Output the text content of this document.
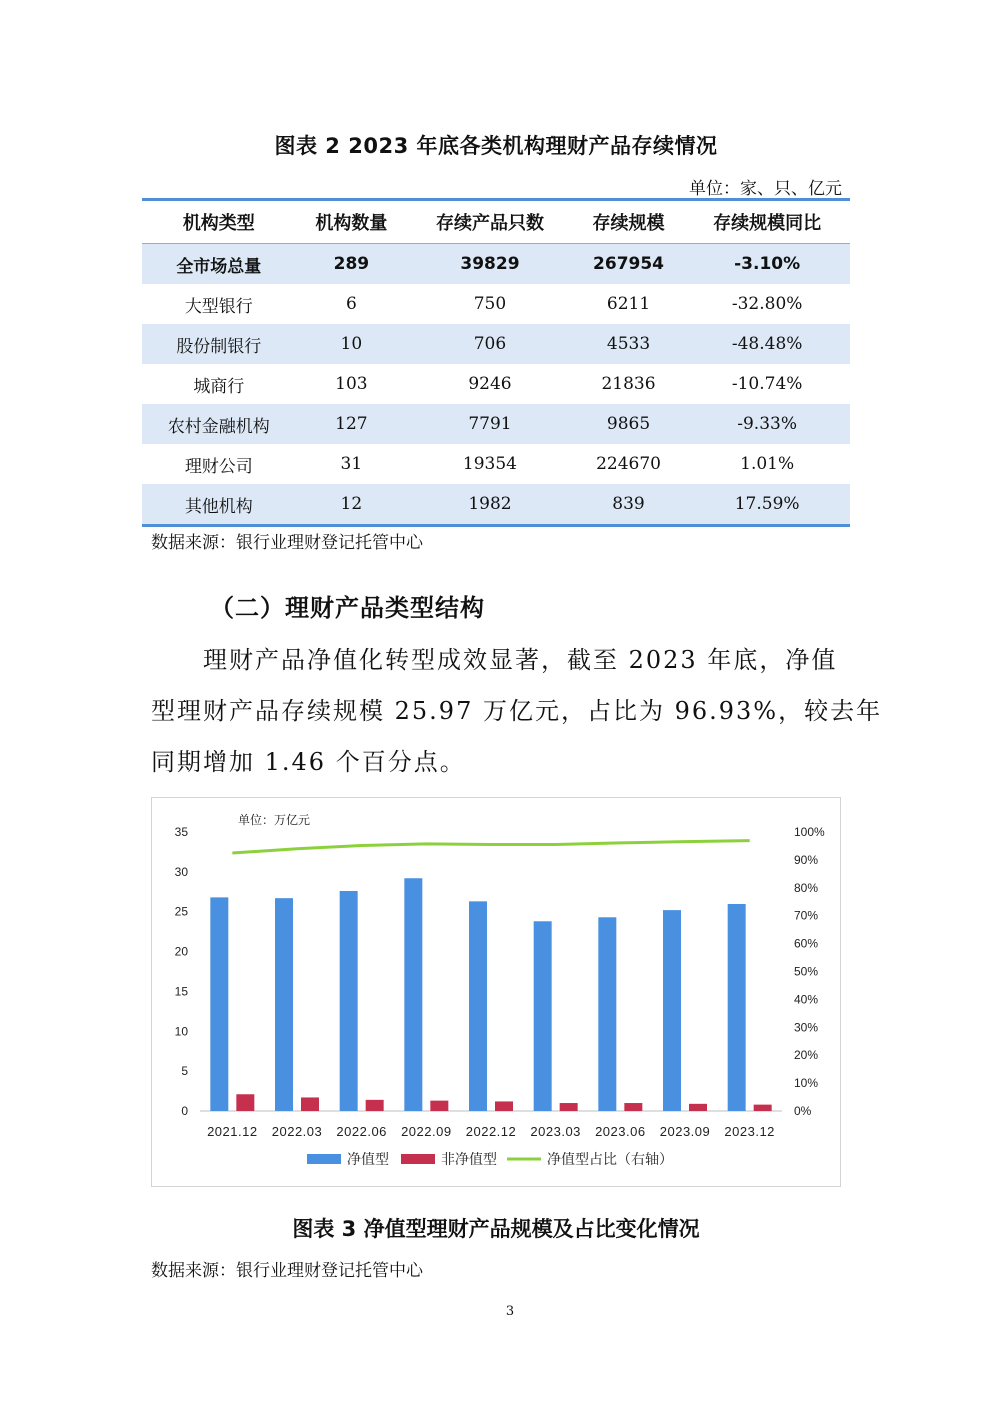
图表 2 2023 年底各类机构理财产品存续情况
单位：家、只、亿元
机构类型	机构数量	存续产品只数	存续规模	存续规模同比
全市场总量	289	39829	267954	-3.10%
大型银行	6	750	6211	-32.80%
股份制银行	10	706	4533	-48.48%
城商行	103	9246	21836	-10.74%
农村金融机构	127	7791	9865	-9.33%
理财公司	31	19354	224670	1.01%
其他机构	12	1982	839	17.59%
数据来源：银行业理财登记托管中心
（二）理财产品类型结构
理财产品净值化转型成效显著，截至 2023 年底，净值
型理财产品存续规模 25.97 万亿元，占比为 96.93%，较去年
同期增加 1.46 个百分点。
单位：万亿元
0
5
10
15
20
25
30
35
0%
10%
20%
30%
40%
50%
60%
70%
80%
90%
100%
2021.12 2022.03 2022.06 2022.09 2022.12 2023.03 2023.06 2023.09 2023.12
净值型	非净值型	净值型占比（右轴）
图表 3 净值型理财产品规模及占比变化情况
数据来源：银行业理财登记托管中心
3
